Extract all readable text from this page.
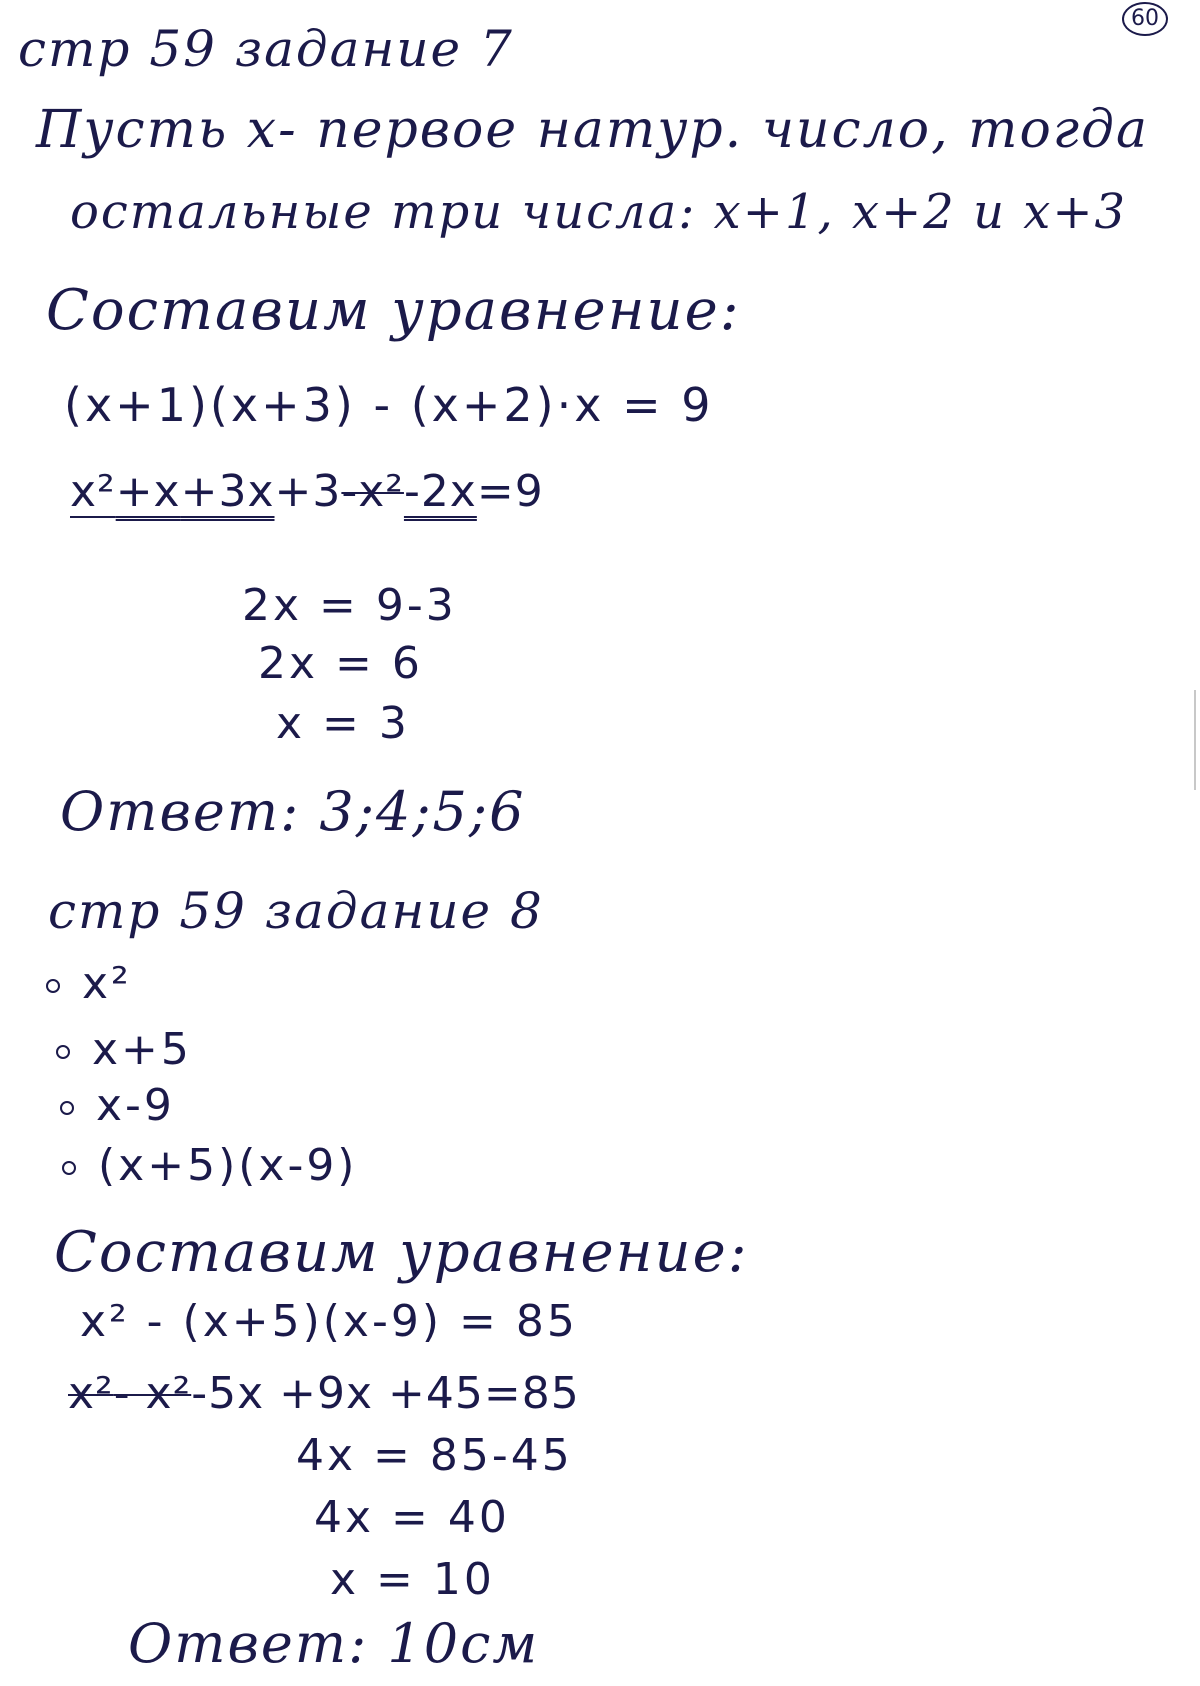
60
стр 59 задание 7
Пусть х- первое натур. число, тогда
остальные три числа: х+1, х+2 и х+3
Составим уравнение:
(х+1)(х+3) - (х+2)·х = 9
х²+х+3х+3-х²-2х=9
2х = 9-3
2х = 6
х = 3
Ответ: 3;4;5;6
стр 59 задание 8
х²
х+5
х-9
(х+5)(х-9)
Составим уравнение:
х² - (х+5)(х-9) = 85
х²- х²-5х +9х +45=85
4х = 85-45
4х = 40
х = 10
Ответ: 10см
